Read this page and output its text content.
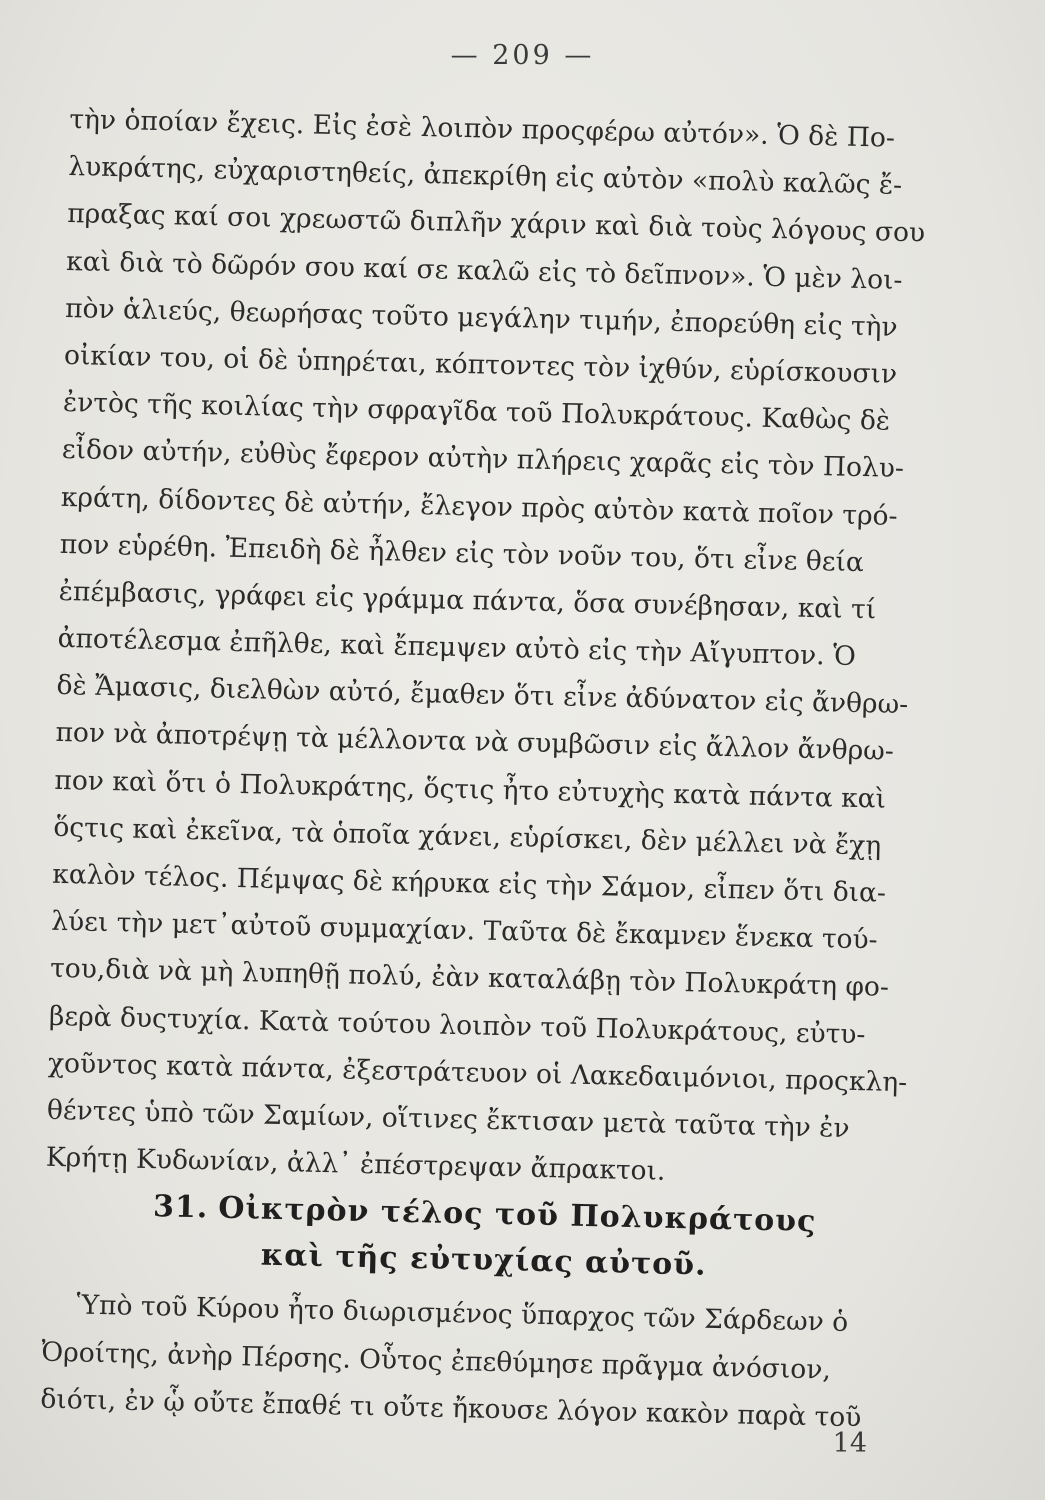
— 209 —
τὴν ὁποίαν ἔχεις. Εἰς ἐσὲ λοιπὸν προςφέρω αὐτόν». Ὁ δὲ Πο-
λυκράτης, εὐχαριστηθείς, ἀπεκρίθη εἰς αὐτὸν «πολὺ καλῶς ἔ-
πραξας καί σοι χρεωστῶ διπλῆν χάριν καὶ διὰ τοὺς λόγους σου
καὶ διὰ τὸ δῶρόν σου καί σε καλῶ εἰς τὸ δεῖπνον». Ὁ μὲν λοι-
πὸν ἁλιεύς, θεωρήσας τοῦτο μεγάλην τιμήν, ἐπορεύθη εἰς τὴν
οἰκίαν του, οἱ δὲ ὑπηρέται, κόπτοντες τὸν ἰχθύν, εὑρίσκουσιν
ἐντὸς τῆς κοιλίας τὴν σφραγῖδα τοῦ Πολυκράτους. Καθὼς δὲ
εἶδον αὐτήν, εὐθὺς ἔφερον αὐτὴν πλήρεις χαρᾶς εἰς τὸν Πολυ-
κράτη, δίδοντες δὲ αὐτήν, ἔλεγον πρὸς αὐτὸν κατὰ ποῖον τρό-
πον εὑρέθη. Ἐπειδὴ δὲ ἦλθεν εἰς τὸν νοῦν του, ὅτι εἶνε θεία
ἐπέμβασις, γράφει εἰς γράμμα πάντα, ὅσα συνέβησαν, καὶ τί
ἀποτέλεσμα ἐπῆλθε, καὶ ἔπεμψεν αὐτὸ εἰς τὴν Αἴγυπτον. Ὁ
δὲ Ἄμασις, διελθὼν αὐτό, ἔμαθεν ὅτι εἶνε ἀδύνατον εἰς ἄνθρω-
πον νὰ ἀποτρέψῃ τὰ μέλλοντα νὰ συμβῶσιν εἰς ἄλλον ἄνθρω-
πον καὶ ὅτι ὁ Πολυκράτης, ὅςτις ἦτο εὐτυχὴς κατὰ πάντα καὶ
ὅςτις καὶ ἐκεῖνα, τὰ ὁποῖα χάνει, εὑρίσκει, δὲν μέλλει νὰ ἔχῃ
καλὸν τέλος. Πέμψας δὲ κήρυκα εἰς τὴν Σάμον, εἶπεν ὅτι δια-
λύει τὴν μετ᾽αὐτοῦ συμμαχίαν. Ταῦτα δὲ ἔκαμνεν ἕνεκα τού-
του,διὰ νὰ μὴ λυπηθῇ πολύ, ἐὰν καταλάβῃ τὸν Πολυκράτη φο-
βερὰ δυςτυχία. Κατὰ τούτου λοιπὸν τοῦ Πολυκράτους, εὐτυ-
χοῦντος κατὰ πάντα, ἐξεστράτευον οἱ Λακεδαιμόνιοι, προςκλη-
θέντες ὑπὸ τῶν Σαμίων, οἵτινες ἔκτισαν μετὰ ταῦτα τὴν ἐν
Κρήτῃ Κυδωνίαν, ἀλλ᾽ ἐπέστρεψαν ἄπρακτοι.
31. Οἰκτρὸν τέλος τοῦ Πολυκράτους
καὶ τῆς εὐτυχίας αὐτοῦ.
Ὑπὸ τοῦ Κύρου ἦτο διωρισμένος ὕπαρχος τῶν Σάρδεων ὁ
Ὀροίτης, ἀνὴρ Πέρσης. Οὗτος ἐπεθύμησε πρᾶγμα ἀνόσιον,
διότι, ἐν ᾧ οὔτε ἔπαθέ τι οὔτε ἤκουσε λόγον κακὸν παρὰ τοῦ
14
